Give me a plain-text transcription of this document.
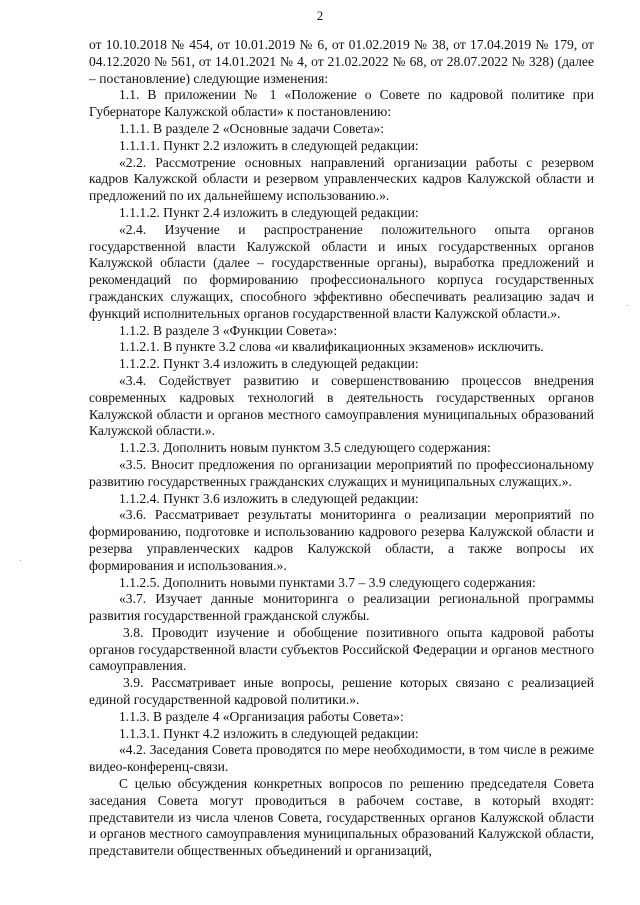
2

от 10.10.2018 № 454, от 10.01.2019 № 6, от 01.02.2019 № 38, от 17.04.2019 № 179, от 04.12.2020 № 561, от 14.01.2021 № 4, от 21.02.2022 № 68, от 28.07.2022 № 328) (далее – постановление) следующие изменения:

1.1. В приложении № 1 «Положение о Совете по кадровой политике при Губернаторе Калужской области» к постановлению:

1.1.1. В разделе 2 «Основные задачи Совета»:

1.1.1.1. Пункт 2.2 изложить в следующей редакции:

«2.2. Рассмотрение основных направлений организации работы с резервом кадров Калужской области и резервом управленческих кадров Калужской области и предложений по их дальнейшему использованию.».

1.1.1.2. Пункт 2.4 изложить в следующей редакции:

«2.4. Изучение и распространение положительного опыта органов государственной власти Калужской области и иных государственных органов Калужской области (далее – государственные органы), выработка предложений и рекомендаций по формированию профессионального корпуса государственных гражданских служащих, способного эффективно обеспечивать реализацию задач и функций исполнительных органов государственной власти Калужской области.».

1.1.2. В разделе 3 «Функции Совета»:

1.1.2.1. В пункте 3.2 слова «и квалификационных экзаменов» исключить.

1.1.2.2. Пункт 3.4 изложить в следующей редакции:

«3.4. Содействует развитию и совершенствованию процессов внедрения современных кадровых технологий в деятельность государственных органов Калужской области и органов местного самоуправления муниципальных образований Калужской области.».

1.1.2.3. Дополнить новым пунктом 3.5 следующего содержания:

«3.5. Вносит предложения по организации мероприятий по профессиональному развитию государственных гражданских служащих и муниципальных служащих.».

1.1.2.4. Пункт 3.6 изложить в следующей редакции:

«3.6. Рассматривает результаты мониторинга о реализации мероприятий по формированию, подготовке и использованию кадрового резерва Калужской области и резерва управленческих кадров Калужской области, а также вопросы их формирования и использования.».

1.1.2.5. Дополнить новыми пунктами 3.7 – 3.9 следующего содержания:

«3.7. Изучает данные мониторинга о реализации региональной программы развития государственной гражданской службы.

3.8. Проводит изучение и обобщение позитивного опыта кадровой работы органов государственной власти субъектов Российской Федерации и органов местного самоуправления.

3.9. Рассматривает иные вопросы, решение которых связано с реализацией единой государственной кадровой политики.».

1.1.3. В разделе 4 «Организация работы Совета»:

1.1.3.1. Пункт 4.2 изложить в следующей редакции:

«4.2. Заседания Совета проводятся по мере необходимости, в том числе в режиме видео-конференц-связи.

С целью обсуждения конкретных вопросов по решению председателя Совета заседания Совета могут проводиться в рабочем составе, в который входят: представители из числа членов Совета, государственных органов Калужской области и органов местного самоуправления муниципальных образований Калужской области, представители общественных объединений и организаций,
